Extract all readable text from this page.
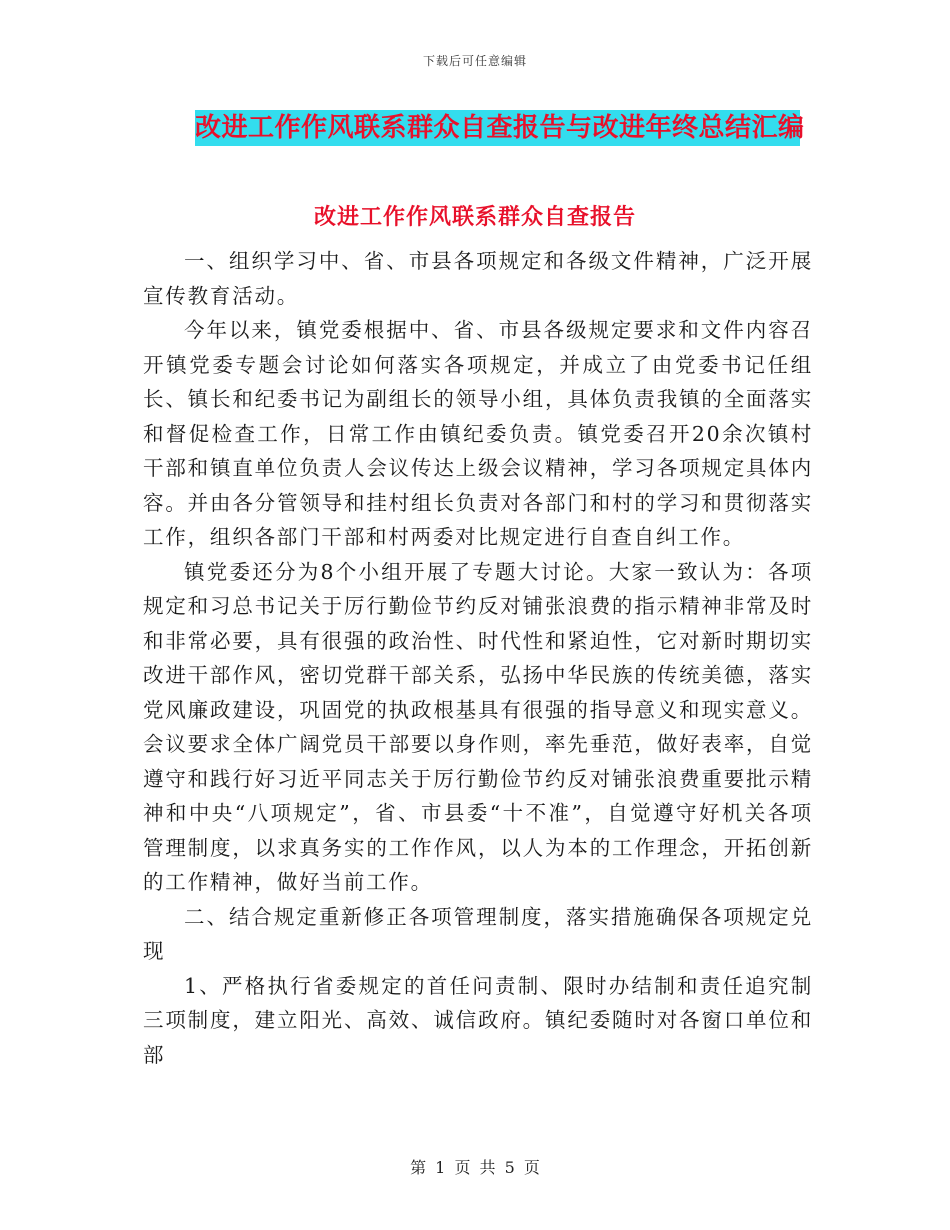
下载后可任意编辑
改进工作作风联系群众自查报告与改进年终总结汇编
改进工作作风联系群众自查报告

一、组织学习中、省、市县各项规定和各级文件精神，广泛开展宣传教育活动。

今年以来，镇党委根据中、省、市县各级规定要求和文件内容召开镇党委专题会讨论如何落实各项规定，并成立了由党委书记任组长、镇长和纪委书记为副组长的领导小组，具体负责我镇的全面落实和督促检查工作，日常工作由镇纪委负责。镇党委召开20余次镇村干部和镇直单位负责人会议传达上级会议精神，学习各项规定具体内容。并由各分管领导和挂村组长负责对各部门和村的学习和贯彻落实工作，组织各部门干部和村两委对比规定进行自查自纠工作。

镇党委还分为8个小组开展了专题大讨论。大家一致认为：各项规定和习总书记关于厉行勤俭节约反对铺张浪费的指示精神非常及时和非常必要，具有很强的政治性、时代性和紧迫性，它对新时期切实改进干部作风，密切党群干部关系，弘扬中华民族的传统美德，落实党风廉政建设，巩固党的执政根基具有很强的指导意义和现实意义。会议要求全体广阔党员干部要以身作则，率先垂范，做好表率，自觉遵守和践行好习近平同志关于厉行勤俭节约反对铺张浪费重要批示精神和中央“八项规定”，省、市县委“十不准”，自觉遵守好机关各项管理制度，以求真务实的工作作风，以人为本的工作理念，开拓创新的工作精神，做好当前工作。

二、结合规定重新修正各项管理制度，落实措施确保各项规定兑现

1、严格执行省委规定的首任问责制、限时办结制和责任追究制三项制度，建立阳光、高效、诚信政府。镇纪委随时对各窗口单位和部

第 1 页 共 5 页
